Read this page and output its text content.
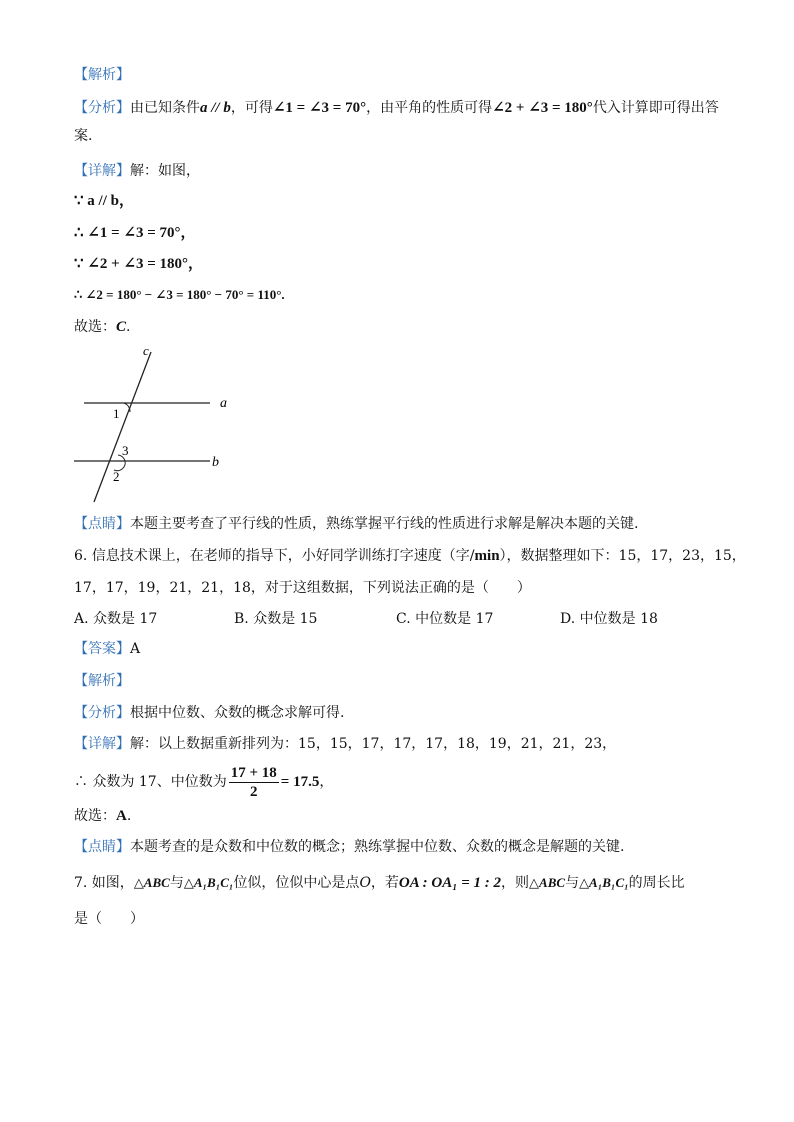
【解析】
【分析】由已知条件a // b，可得∠1 = ∠3 = 70°，由平角的性质可得∠2 + ∠3 = 180°代入计算即可得出答
案.
【详解】解：如图，
∵ a // b，
∴ ∠1 = ∠3 = 70°，
∵ ∠2 + ∠3 = 180°，
∴ ∠2 = 180° − ∠3 = 180° − 70° = 110°.
故选：C.
c
a
b
1
3
2
【点睛】本题主要考查了平行线的性质，熟练掌握平行线的性质进行求解是解决本题的关键.
6. 信息技术课上，在老师的指导下，小好同学训练打字速度（字/min），数据整理如下：15，17，23，15，
17，17，19，21，21，18，对于这组数据，下列说法正确的是（　　）
A. 众数是 17	B. 众数是 15	C. 中位数是 17	D. 中位数是 18
【答案】A
【解析】
【分析】根据中位数、众数的概念求解可得.
【详解】解：以上数据重新排列为：15，15，17，17，17，18，19，21，21，23，
∴ 众数为 17、中位数为 $\frac{17 + 18}{2} = 17.5$，
故选：A.
【点睛】本题考查的是众数和中位数的概念；熟练掌握中位数、众数的概念是解题的关键.
7. 如图，△ABC与△A₁B₁C₁位似，位似中心是点O，若OA : OA₁ = 1 : 2，则△ABC与△A₁B₁C₁的周长比
是（　　）
